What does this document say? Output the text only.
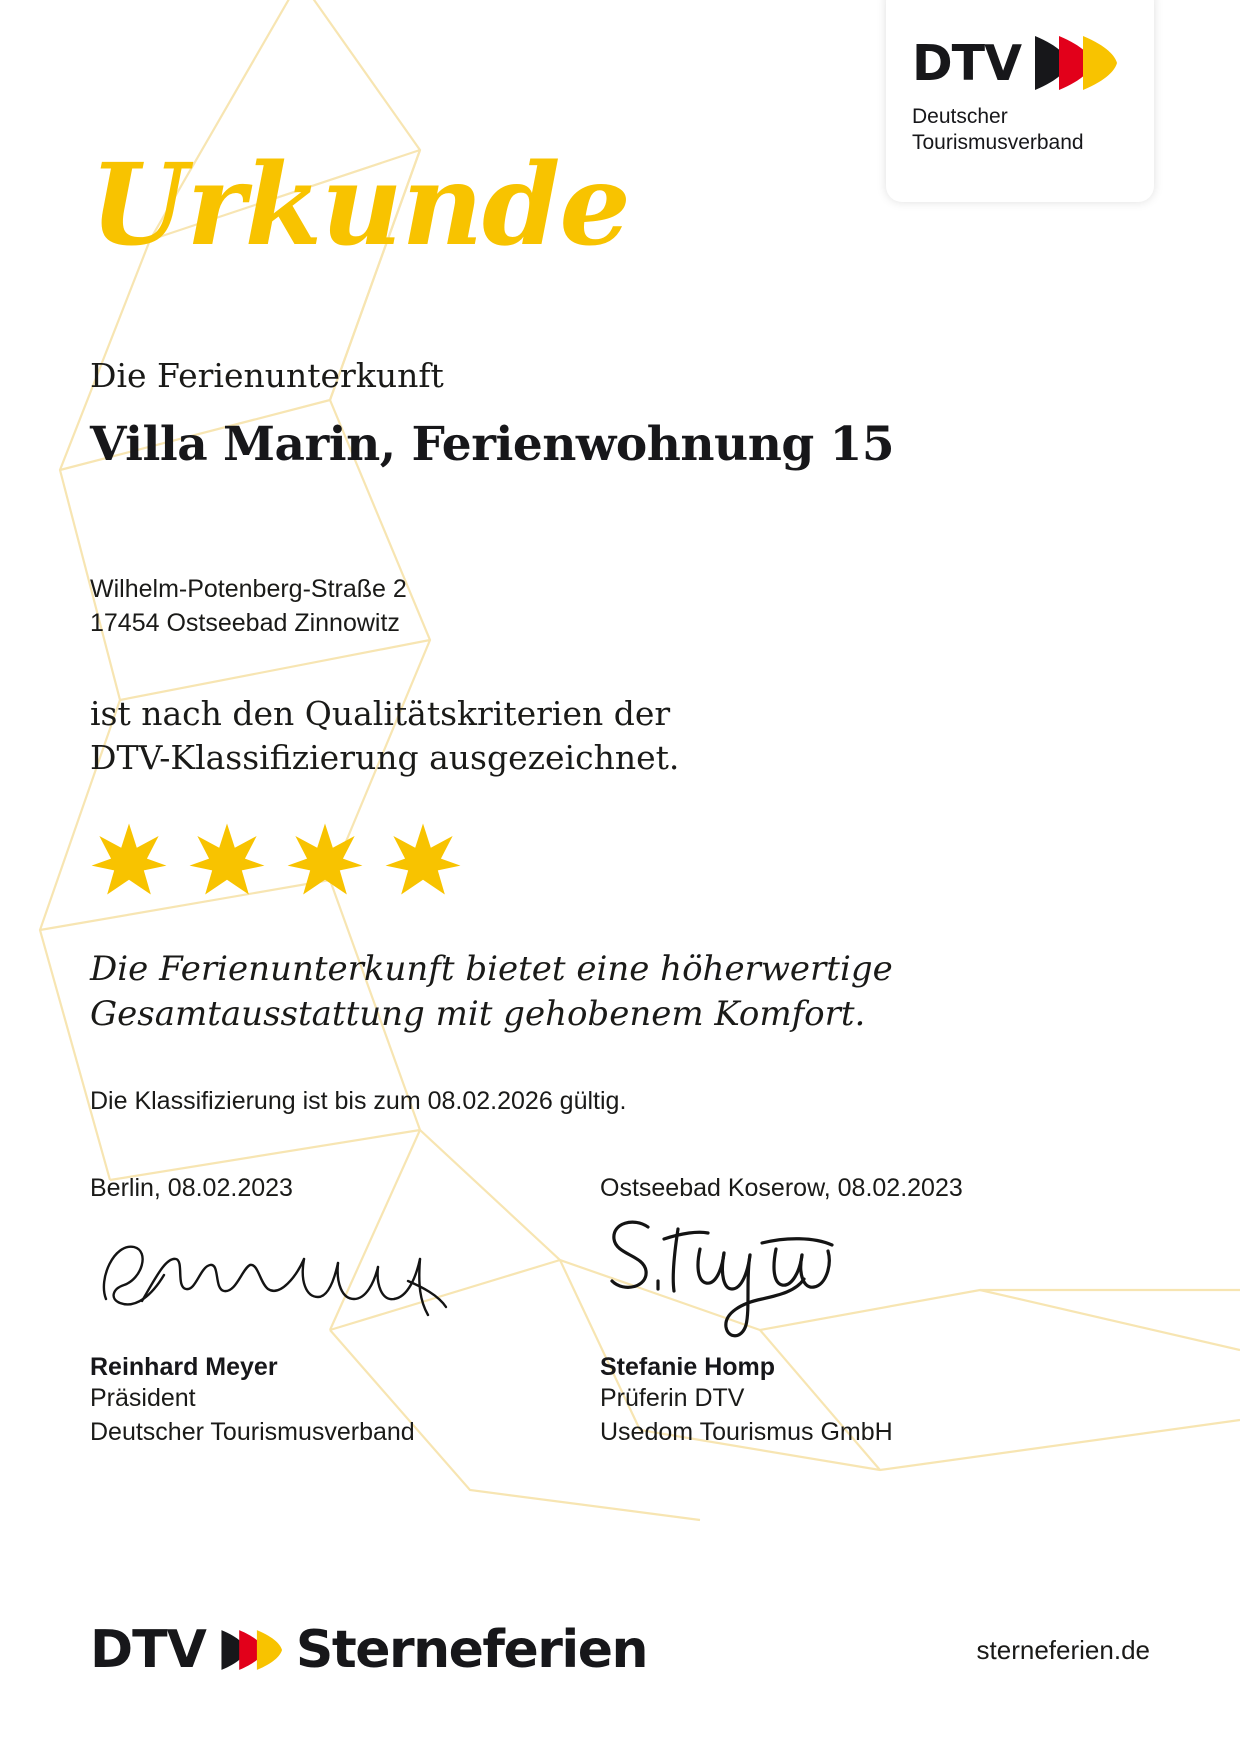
DTV
Deutscher
Tourismusverband
Urkunde
Die Ferienunterkunft
Villa Marin, Ferienwohnung 15
Wilhelm-Potenberg-Straße 2
17454 Ostseebad Zinnowitz
ist nach den Qualitätskriterien der
DTV-Klassifizierung ausgezeichnet.
Die Ferienunterkunft bietet eine höherwertige
Gesamtausstattung mit gehobenem Komfort.
Die Klassifizierung ist bis zum 08.02.2026 gültig.
Berlin, 08.02.2023
Reinhard Meyer
Präsident
Deutscher Tourismusverband
Ostseebad Koserow, 08.02.2023
Stefanie Homp
Prüferin DTV
Usedom Tourismus GmbH
DTV Sterneferien	sterneferien.de
